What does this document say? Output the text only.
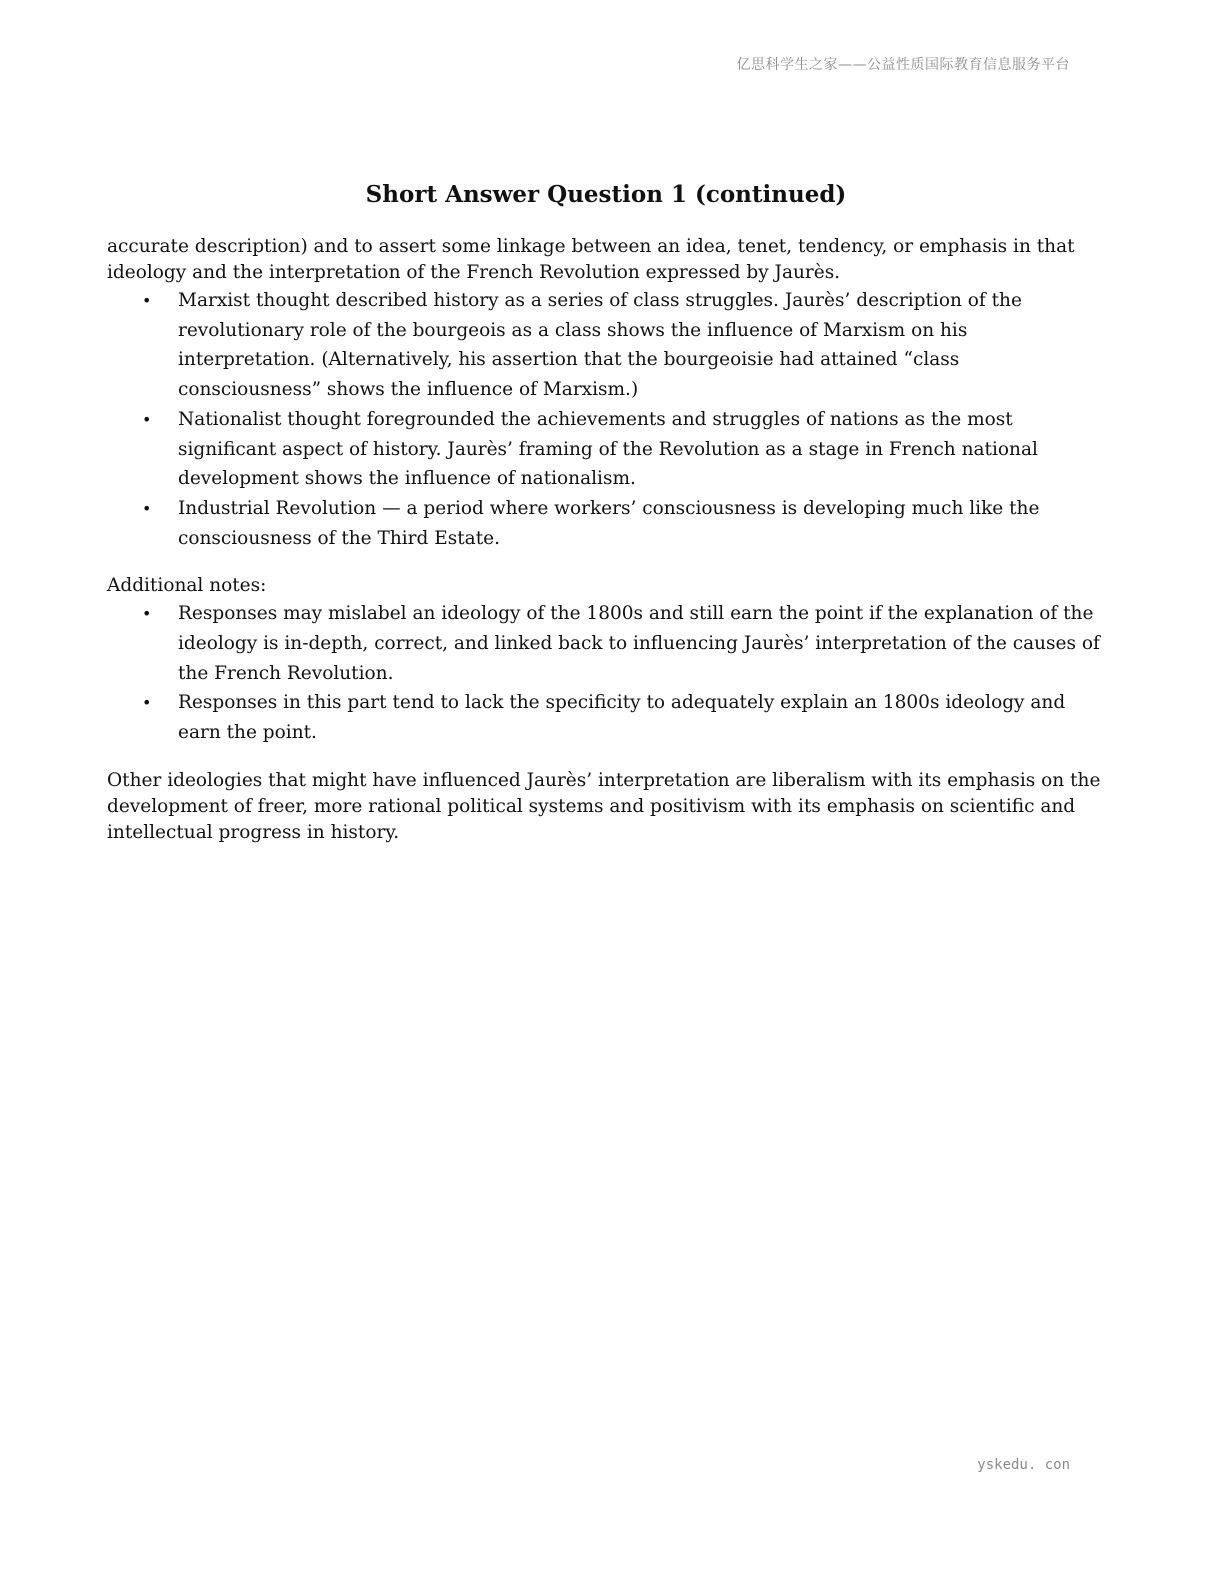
亿思科学生之家——公益性质国际教育信息服务平台
Short Answer Question 1 (continued)

accurate description) and to assert some linkage between an idea, tenet, tendency, or emphasis in that ideology and the interpretation of the French Revolution expressed by Jaurès.

• Marxist thought described history as a series of class struggles. Jaurès’ description of the revolutionary role of the bourgeois as a class shows the influence of Marxism on his interpretation. (Alternatively, his assertion that the bourgeoisie had attained “class consciousness” shows the influence of Marxism.)
• Nationalist thought foregrounded the achievements and struggles of nations as the most significant aspect of history. Jaurès’ framing of the Revolution as a stage in French national development shows the influence of nationalism.
• Industrial Revolution — a period where workers’ consciousness is developing much like the consciousness of the Third Estate.

Additional notes:

• Responses may mislabel an ideology of the 1800s and still earn the point if the explanation of the ideology is in-depth, correct, and linked back to influencing Jaurès’ interpretation of the causes of the French Revolution.
• Responses in this part tend to lack the specificity to adequately explain an 1800s ideology and earn the point.

Other ideologies that might have influenced Jaurès’ interpretation are liberalism with its emphasis on the development of freer, more rational political systems and positivism with its emphasis on scientific and intellectual progress in history.

yskedu. con
